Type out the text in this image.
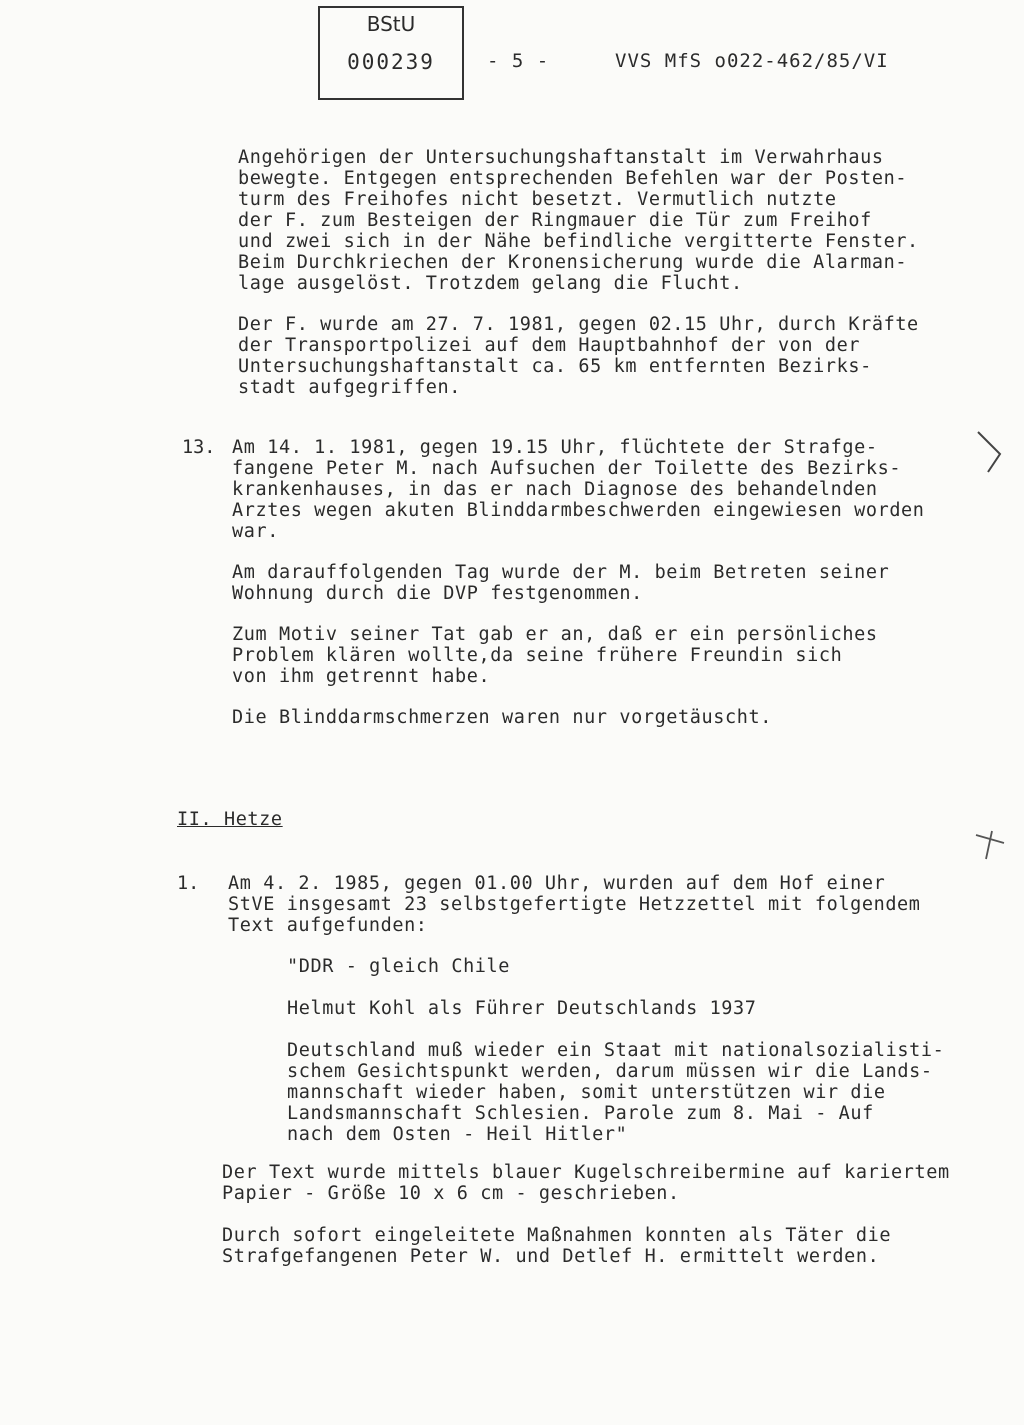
BStU
000239	- 5 -	VVS MfS o022-462/85/VI
Angehörigen der Untersuchungshaftanstalt im Verwahrhaus
bewegte. Entgegen entsprechenden Befehlen war der Posten-
turm des Freihofes nicht besetzt. Vermutlich nutzte
der F. zum Besteigen der Ringmauer die Tür zum Freihof
und zwei sich in der Nähe befindliche vergitterte Fenster.
Beim Durchkriechen der Kronensicherung wurde die Alarman-
lage ausgelöst. Trotzdem gelang die Flucht.
Der F. wurde am 27. 7. 1981, gegen 02.15 Uhr, durch Kräfte
der Transportpolizei auf dem Hauptbahnhof der von der
Untersuchungshaftanstalt ca. 65 km entfernten Bezirks-
stadt aufgegriffen.
13. Am 14. 1. 1981, gegen 19.15 Uhr, flüchtete der Strafge-
fangene Peter M. nach Aufsuchen der Toilette des Bezirks-
krankenhauses, in das er nach Diagnose des behandelnden
Arztes wegen akuten Blinddarmbeschwerden eingewiesen worden
war.
Am darauffolgenden Tag wurde der M. beim Betreten seiner
Wohnung durch die DVP festgenommen.
Zum Motiv seiner Tat gab er an, daß er ein persönliches
Problem klären wollte,da seine frühere Freundin sich
von ihm getrennt habe.
Die Blinddarmschmerzen waren nur vorgetäuscht.
II. Hetze
1. Am 4. 2. 1985, gegen 01.00 Uhr, wurden auf dem Hof einer
StVE insgesamt 23 selbstgefertigte Hetzzettel mit folgendem
Text aufgefunden:
"DDR - gleich Chile
Helmut Kohl als Führer Deutschlands 1937
Deutschland muß wieder ein Staat mit nationalsozialisti-
schem Gesichtspunkt werden, darum müssen wir die Lands-
mannschaft wieder haben, somit unterstützen wir die
Landsmannschaft Schlesien. Parole zum 8. Mai - Auf
nach dem Osten - Heil Hitler"
Der Text wurde mittels blauer Kugelschreibermine auf kariertem
Papier - Größe 10 x 6 cm - geschrieben.
Durch sofort eingeleitete Maßnahmen konnten als Täter die
Strafgefangenen Peter W. und Detlef H. ermittelt werden.
